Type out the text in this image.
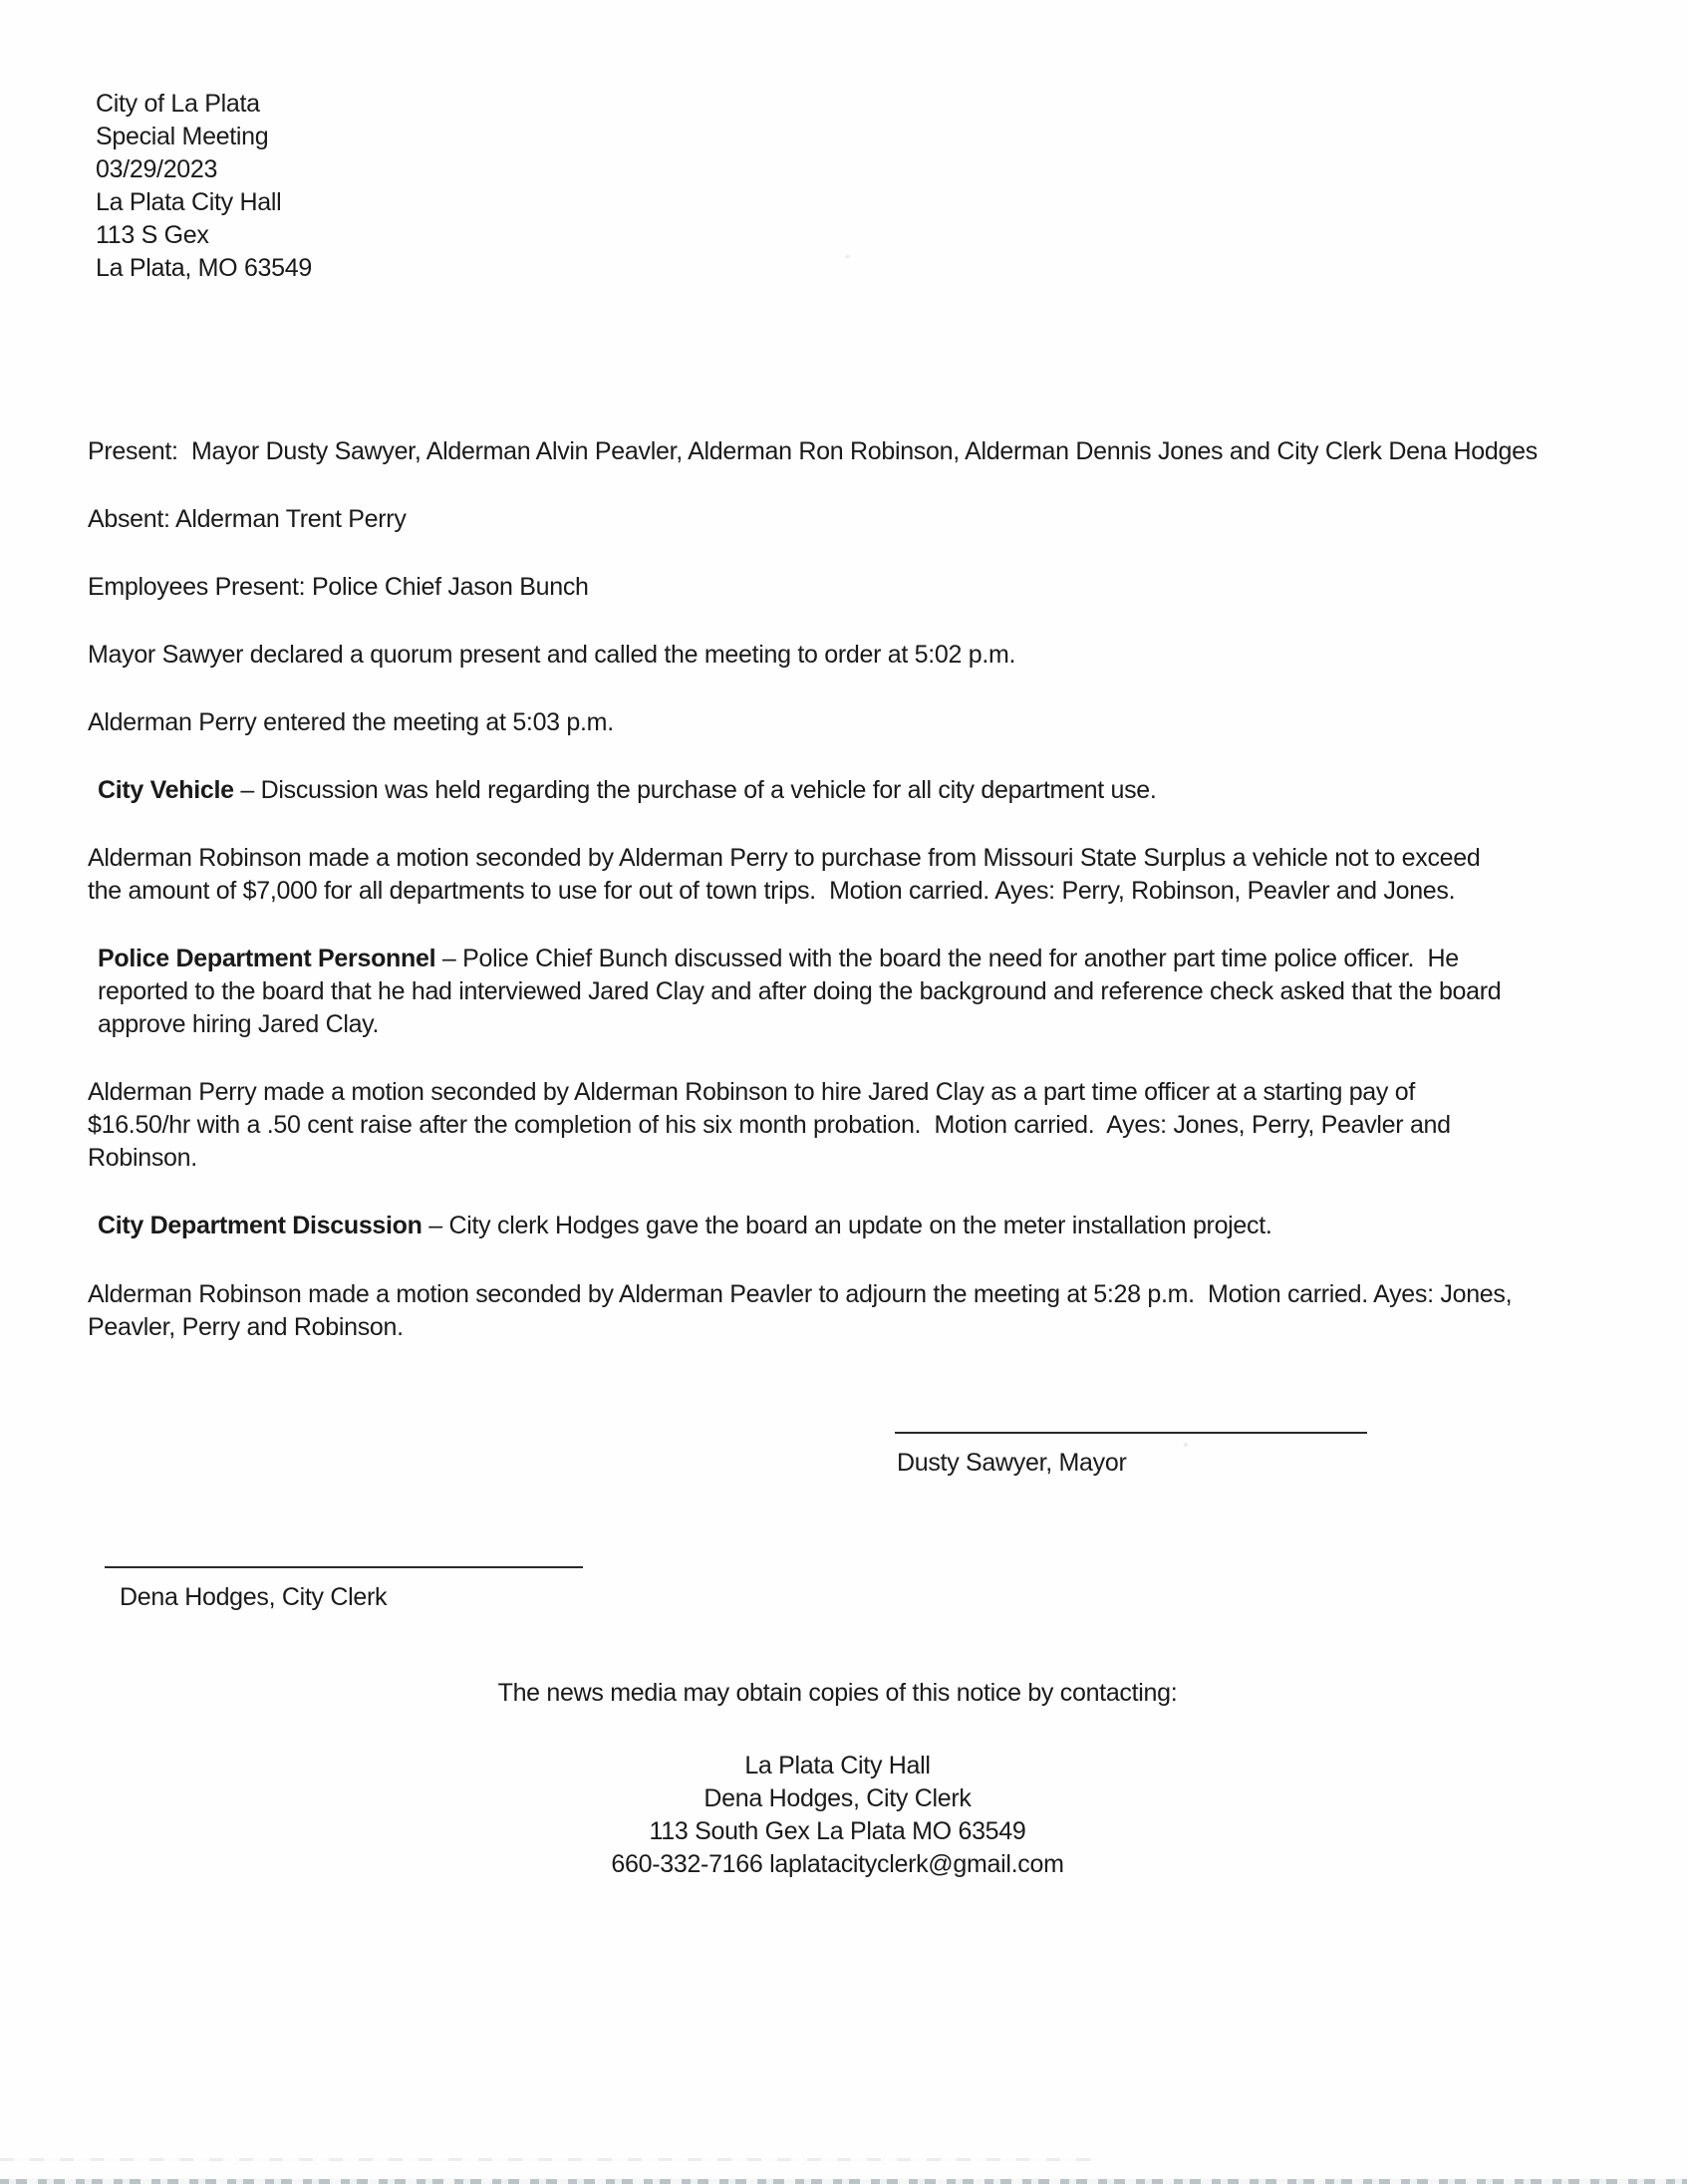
City of La Plata
Special Meeting
03/29/2023
La Plata City Hall
113 S Gex
La Plata, MO 63549

Present:  Mayor Dusty Sawyer, Alderman Alvin Peavler, Alderman Ron Robinson, Alderman Dennis Jones and City Clerk Dena Hodges

Absent: Alderman Trent Perry

Employees Present: Police Chief Jason Bunch

Mayor Sawyer declared a quorum present and called the meeting to order at 5:02 p.m.

Alderman Perry entered the meeting at 5:03 p.m.

City Vehicle – Discussion was held regarding the purchase of a vehicle for all city department use.

Alderman Robinson made a motion seconded by Alderman Perry to purchase from Missouri State Surplus a vehicle not to exceed
the amount of $7,000 for all departments to use for out of town trips.  Motion carried. Ayes: Perry, Robinson, Peavler and Jones.

Police Department Personnel – Police Chief Bunch discussed with the board the need for another part time police officer.  He
reported to the board that he had interviewed Jared Clay and after doing the background and reference check asked that the board
approve hiring Jared Clay.

Alderman Perry made a motion seconded by Alderman Robinson to hire Jared Clay as a part time officer at a starting pay of
$16.50/hr with a .50 cent raise after the completion of his six month probation.  Motion carried.  Ayes: Jones, Perry, Peavler and
Robinson.

City Department Discussion – City clerk Hodges gave the board an update on the meter installation project.

Alderman Robinson made a motion seconded by Alderman Peavler to adjourn the meeting at 5:28 p.m.  Motion carried. Ayes: Jones,
Peavler, Perry and Robinson.

Dusty Sawyer, Mayor
Dena Hodges, City Clerk
The news media may obtain copies of this notice by contacting:
La Plata City Hall
Dena Hodges, City Clerk
113 South Gex La Plata MO 63549
660-332-7166 laplatacityclerk@gmail.com
